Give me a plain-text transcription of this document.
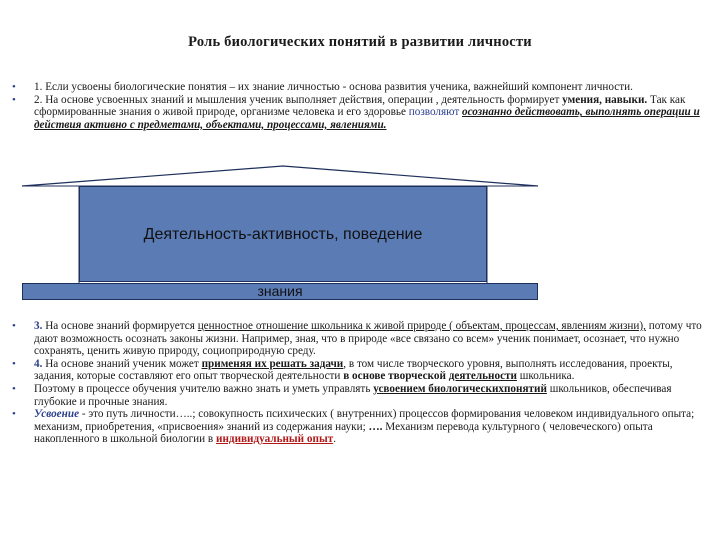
Роль биологических понятий в развитии личности
• 1. Если усвоены биологические понятия – их знание личностью - основа развития ученика, важнейший компонент личности.
• 2. На основе усвоенных знаний и мышления ученик выполняет действия, операции , деятельность формирует умения, навыки. Так как сформированные знания о живой природе, организме человека и его здоровье позволяют осознанно действовать, выполнять операции и действия активно с предметами, объектами, процессами, явлениями.
Деятельность-активность, поведение
знания
• 3. На основе знаний формируется ценностное отношение школьника к живой природе ( объектам, процессам, явлениям жизни), потому что дают возможность осознать законы жизни. Например, зная, что в природе «все связано со всем» ученик понимает, осознает, что нужно сохранять, ценить живую природу, социоприродную среду.
• 4. На основе знаний ученик может применяя их решать задачи, в том числе творческого уровня, выполнять исследования, проекты, задания, которые составляют его опыт творческой деятельности в основе творческой деятельности школьника.
• Поэтому в процессе обучения учителю важно знать и уметь управлять усвоением биологическихпонятий школьников, обеспечивая глубокие и прочные знания.
• Усвоение - это путь личности…..; совокупность психических ( внутренних) процессов формирования человеком индивидуального опыта; механизм, приобретения, «присвоения» знаний из содержания науки; …. Механизм перевода культурного ( человеческого) опыта накопленного в школьной биологии в индивидуальный опыт.
